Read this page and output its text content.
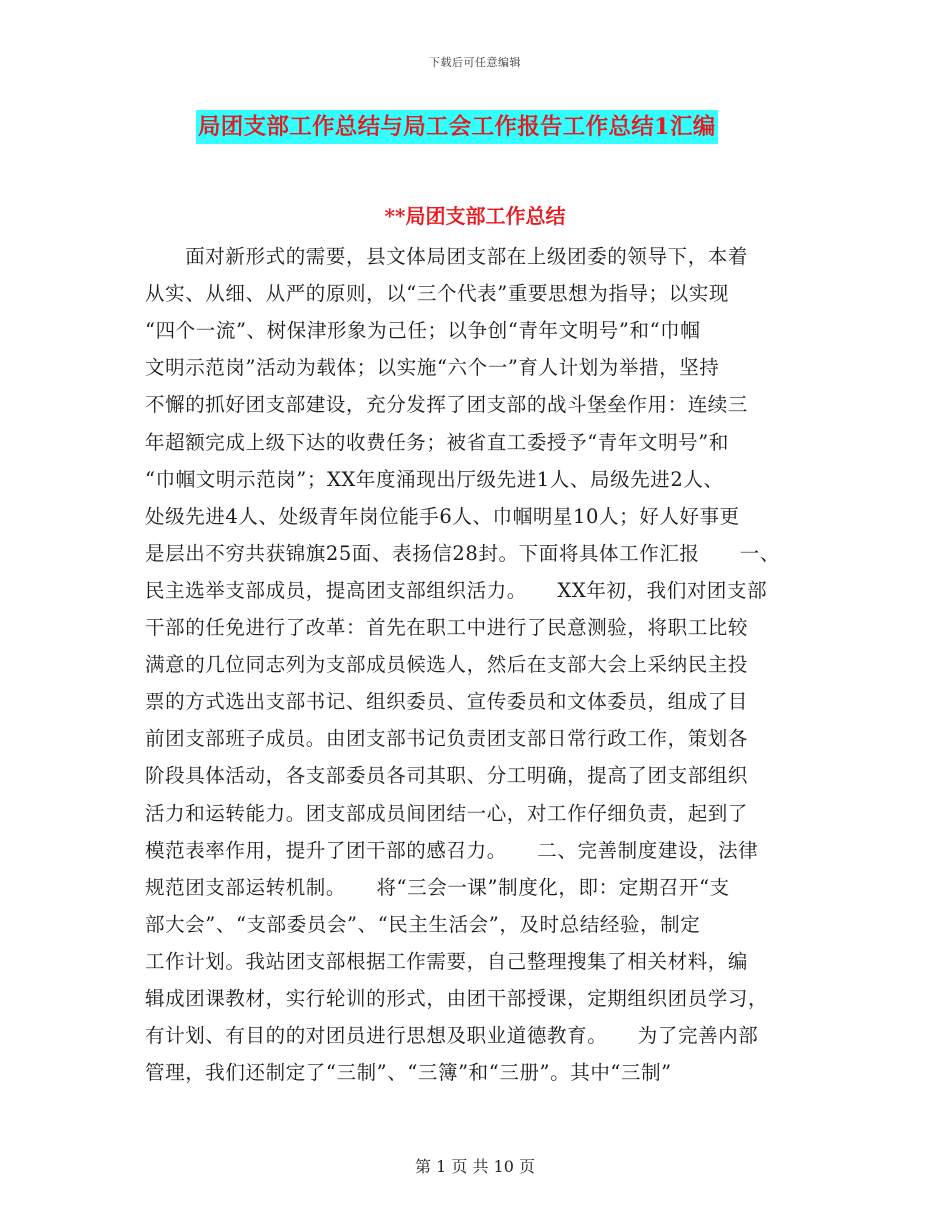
下载后可任意编辑
局团支部工作总结与局工会工作报告工作总结1汇编
**局团支部工作总结
　　面对新形式的需要，县文体局团支部在上级团委的领导下，本着
从实、从细、从严的原则，以“三个代表”重要思想为指导；以实现
“四个一流”、树保津形象为己任；以争创“青年文明号”和“巾帼
文明示范岗”活动为载体；以实施“六个一”育人计划为举措，坚持
不懈的抓好团支部建设，充分发挥了团支部的战斗堡垒作用：连续三
年超额完成上级下达的收费任务；被省直工委授予“青年文明号”和
“巾帼文明示范岗”；XX年度涌现出厅级先进1人、局级先进2人、
处级先进4人、处级青年岗位能手6人、巾帼明星10人；好人好事更
是层出不穷共获锦旗25面、表扬信28封。下面将具体工作汇报　　一、
民主选举支部成员，提高团支部组织活力。　　XX年初，我们对团支部
干部的任免进行了改革：首先在职工中进行了民意测验，将职工比较
满意的几位同志列为支部成员候选人，然后在支部大会上采纳民主投
票的方式选出支部书记、组织委员、宣传委员和文体委员，组成了目
前团支部班子成员。由团支部书记负责团支部日常行政工作，策划各
阶段具体活动，各支部委员各司其职、分工明确，提高了团支部组织
活力和运转能力。团支部成员间团结一心，对工作仔细负责，起到了
模范表率作用，提升了团干部的感召力。　　二、完善制度建设，法律
规范团支部运转机制。　　将“三会一课”制度化，即：定期召开“支
部大会”、“支部委员会”、“民主生活会”，及时总结经验，制定
工作计划。我站团支部根据工作需要，自己整理搜集了相关材料，编
辑成团课教材，实行轮训的形式，由团干部授课，定期组织团员学习，
有计划、有目的的对团员进行思想及职业道德教育。　　为了完善内部
管理，我们还制定了“三制”、“三簿”和“三册”。其中“三制”
第 1 页 共 10 页
